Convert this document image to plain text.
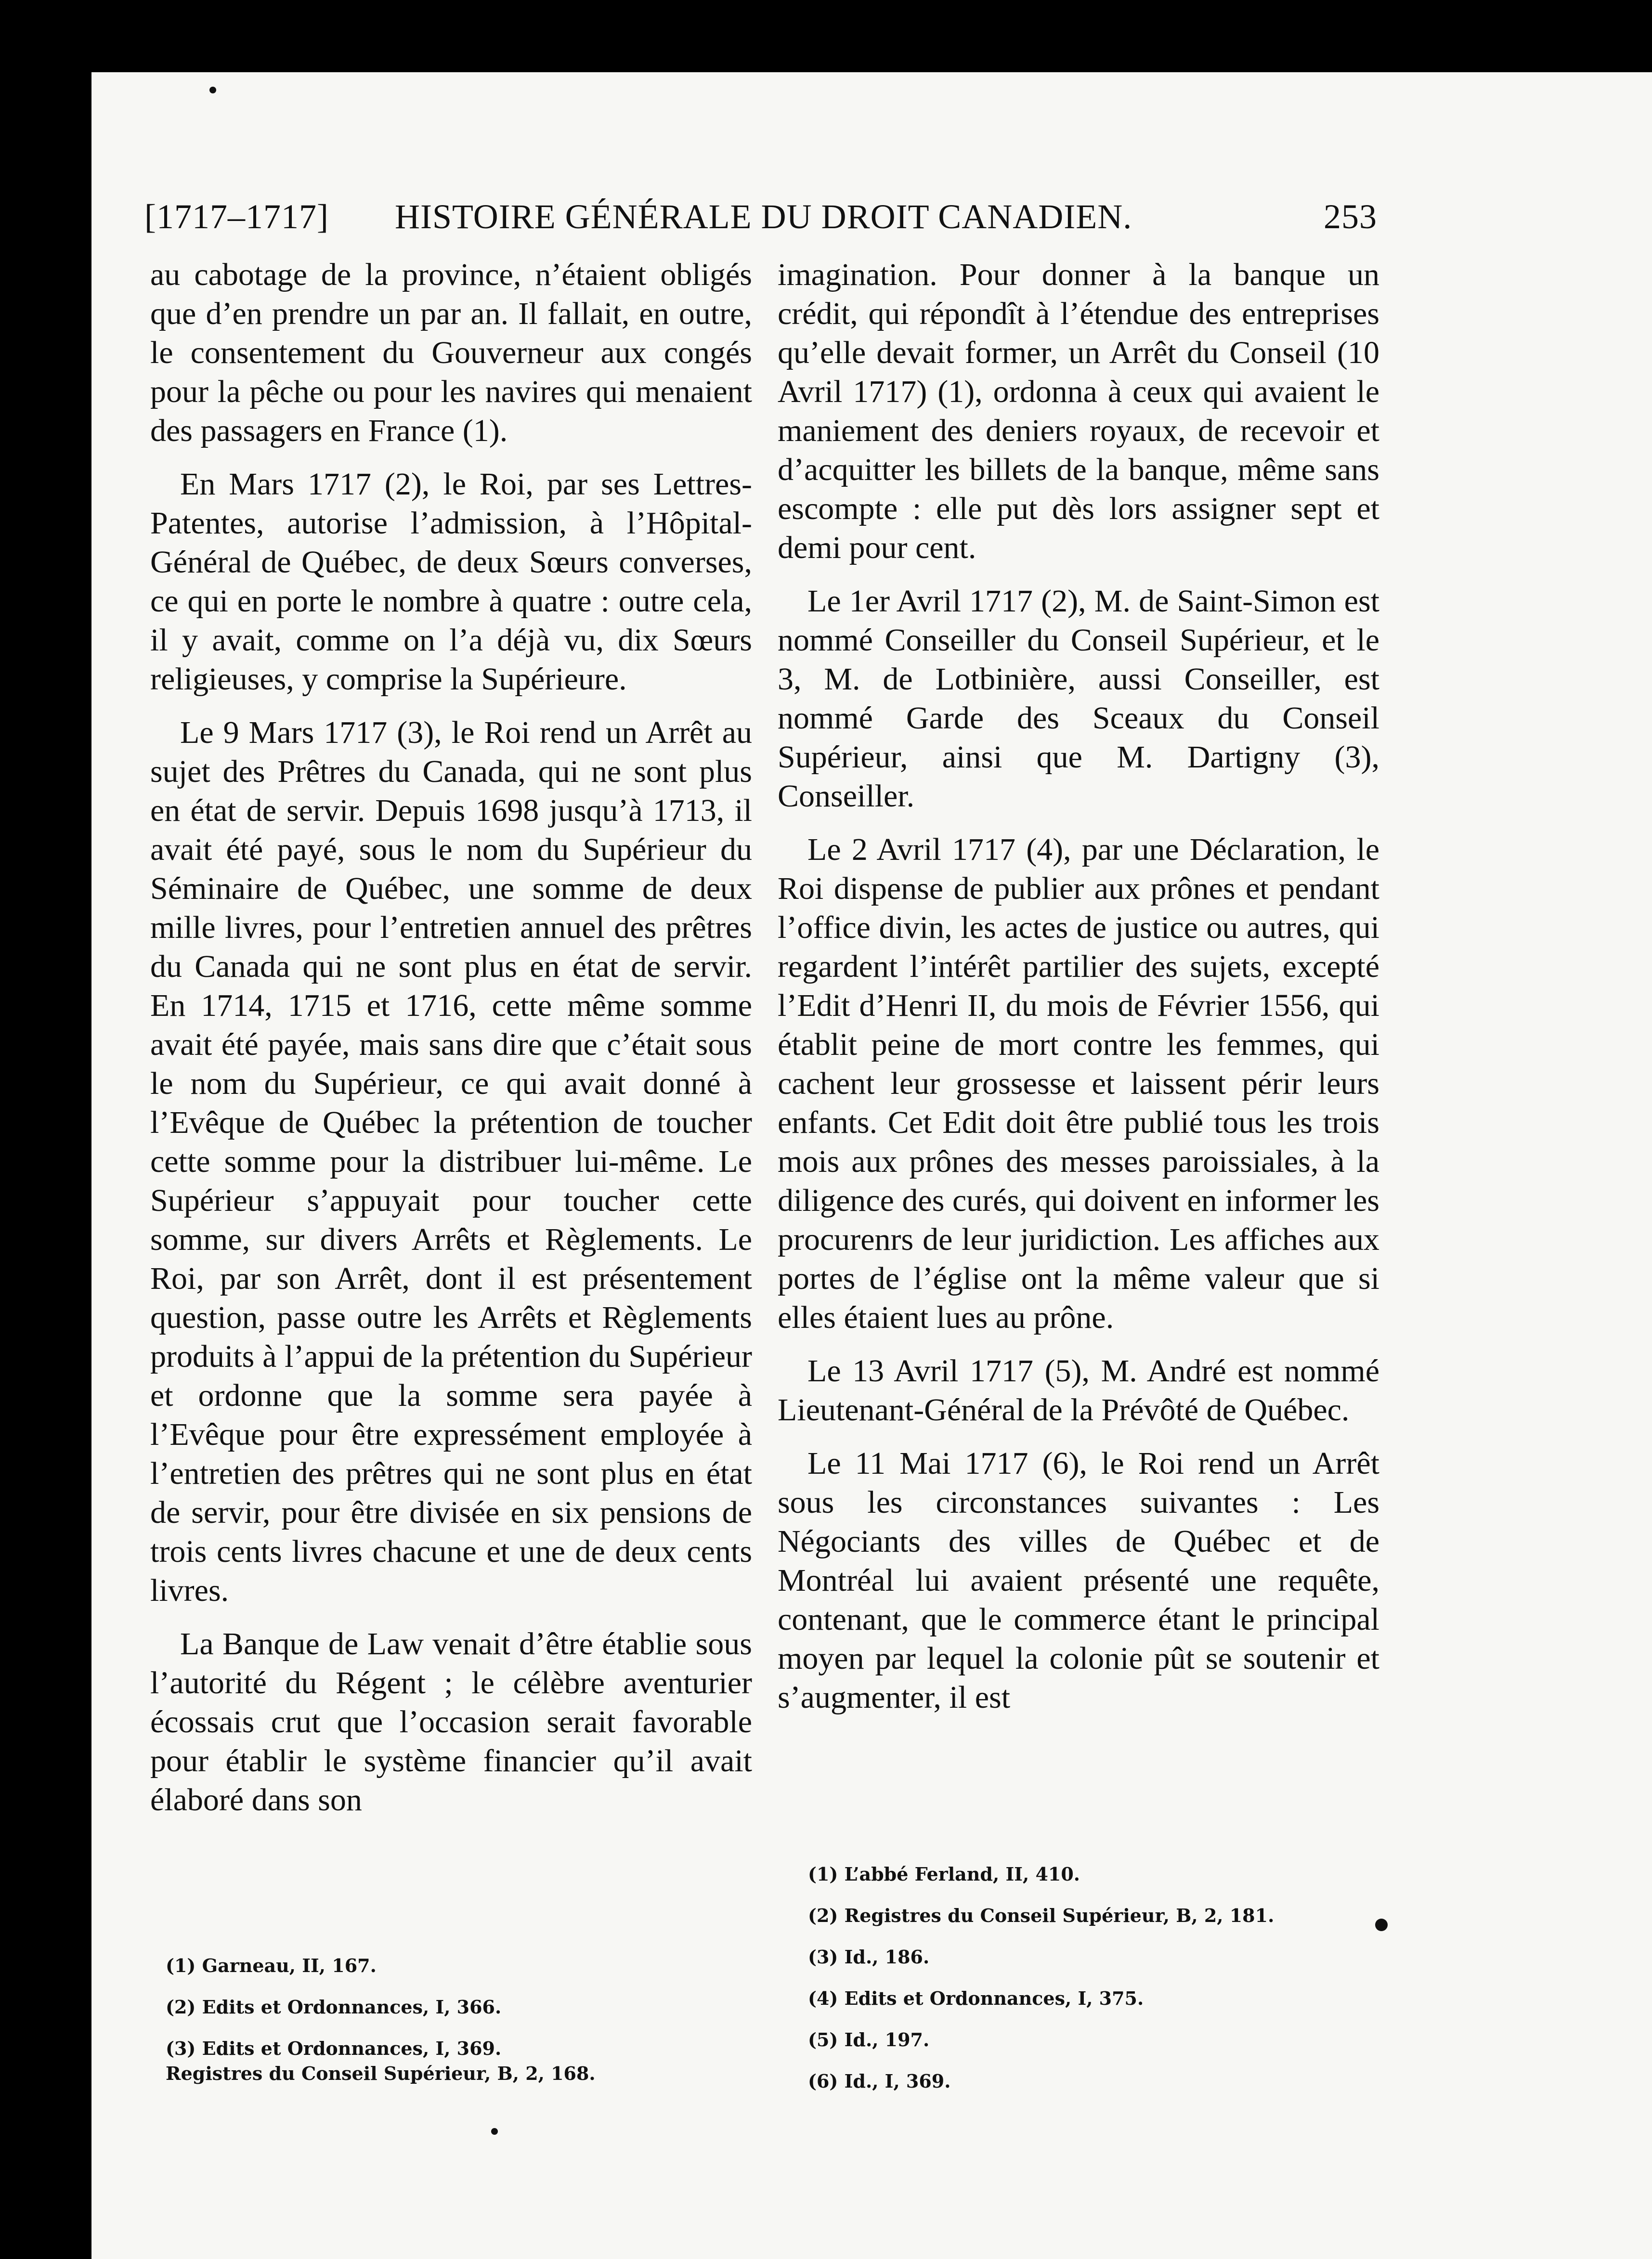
[1717–1717] HISTOIRE GÉNÉRALE DU DROIT CANADIEN.	253

au cabotage de la province, n’étaient obligés que d’en prendre un par an. Il fallait, en outre, le consentement du Gouverneur aux congés pour la pêche ou pour les navires qui menaient des passagers en France (1).

En Mars 1717 (2), le Roi, par ses Lettres-Patentes, autorise l’admission, à l’Hôpital-Général de Québec, de deux Sœurs converses, ce qui en porte le nombre à quatre : outre cela, il y avait, comme on l’a déjà vu, dix Sœurs religieuses, y comprise la Supérieure.

Le 9 Mars 1717 (3), le Roi rend un Arrêt au sujet des Prêtres du Canada, qui ne sont plus en état de servir. Depuis 1698 jusqu’à 1713, il avait été payé, sous le nom du Supérieur du Séminaire de Québec, une somme de deux mille livres, pour l’entretien annuel des prêtres du Canada qui ne sont plus en état de servir. En 1714, 1715 et 1716, cette même somme avait été payée, mais sans dire que c’était sous le nom du Supérieur, ce qui avait donné à l’Evêque de Québec la prétention de toucher cette somme pour la distribuer lui-même. Le Supérieur s’appuyait pour toucher cette somme, sur divers Arrêts et Règlements. Le Roi, par son Arrêt, dont il est présentement question, passe outre les Arrêts et Règlements produits à l’appui de la prétention du Supérieur et ordonne que la somme sera payée à l’Evêque pour être expressément employée à l’entretien des prêtres qui ne sont plus en état de servir, pour être divisée en six pensions de trois cents livres chacune et une de deux cents livres.

La Banque de Law venait d’être établie sous l’autorité du Régent ; le célèbre aventurier écossais crut que l’occasion serait favorable pour établir le système financier qu’il avait élaboré dans son

imagination. Pour donner à la banque un crédit, qui répondît à l’étendue des entreprises qu’elle devait former, un Arrêt du Conseil (10 Avril 1717) (1), ordonna à ceux qui avaient le maniement des deniers royaux, de recevoir et d’acquitter les billets de la banque, même sans escompte : elle put dès lors assigner sept et demi pour cent.

Le 1er Avril 1717 (2), M. de Saint-Simon est nommé Conseiller du Conseil Supérieur, et le 3, M. de Lotbinière, aussi Conseiller, est nommé Garde des Sceaux du Conseil Supérieur, ainsi que M. Dartigny (3), Conseiller.

Le 2 Avril 1717 (4), par une Déclaration, le Roi dispense de publier aux prônes et pendant l’office divin, les actes de justice ou autres, qui regardent l’intérêt partilier des sujets, excepté l’Edit d’Henri II, du mois de Février 1556, qui établit peine de mort contre les femmes, qui cachent leur grossesse et laissent périr leurs enfants. Cet Edit doit être publié tous les trois mois aux prônes des messes paroissiales, à la diligence des curés, qui doivent en informer les procurenrs de leur juridiction. Les affiches aux portes de l’église ont la même valeur que si elles étaient lues au prône.

Le 13 Avril 1717 (5), M. André est nommé Lieutenant-Général de la Prévôté de Québec.

Le 11 Mai 1717 (6), le Roi rend un Arrêt sous les circonstances suivantes : Les Négociants des villes de Québec et de Montréal lui avaient présenté une requête, contenant, que le commerce étant le principal moyen par lequel la colonie pût se soutenir et s’augmenter, il est

(1) Garneau, II, 167.
(2) Edits et Ordonnances, I, 366.
(3) Edits et Ordonnances, I, 369.
Registres du Conseil Supérieur, B, 2, 168.
(1) L’abbé Ferland, II, 410.
(2) Registres du Conseil Supérieur, B, 2, 181.
(3) Id., 186.
(4) Edits et Ordonnances, I, 375.
(5) Id., 197.
(6) Id., I, 369.
